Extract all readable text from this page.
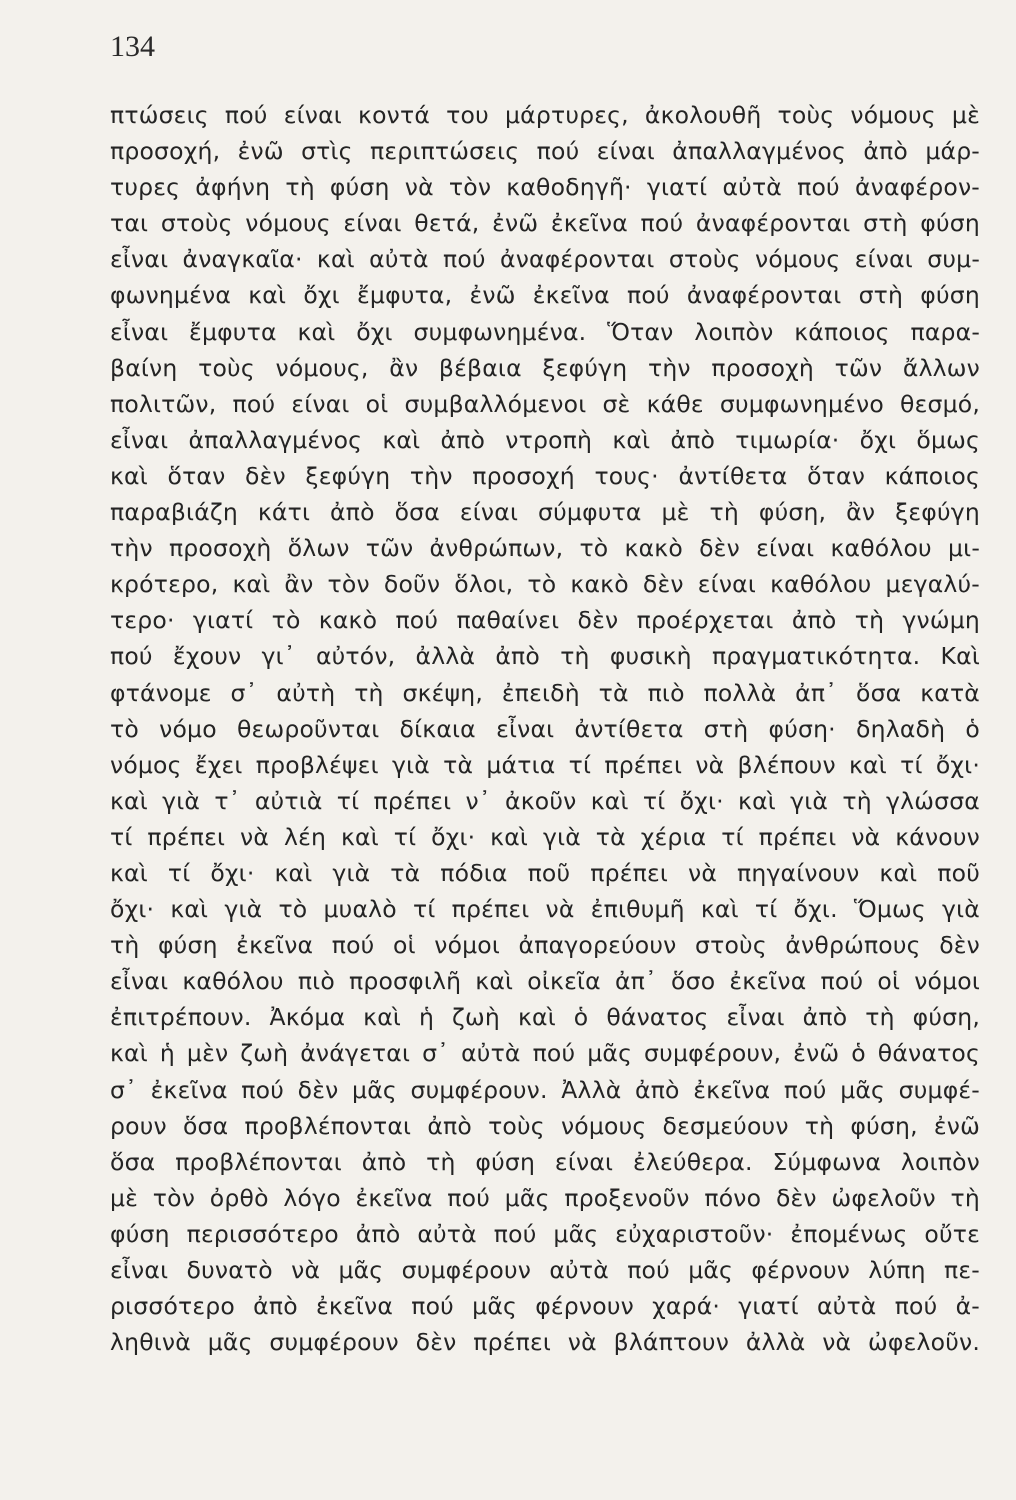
134
πτώσεις πού είναι κοντά του μάρτυρες, ἀκολουθῆ τοὺς νόμους μὲ
προσοχή, ἐνῶ στὶς περιπτώσεις πού είναι ἀπαλλαγμένος ἀπὸ μάρ-
τυρες ἀφήνη τὴ φύση νὰ τὸν καθοδηγῆ· γιατί αὐτὰ πού ἀναφέρον-
ται στοὺς νόμους είναι θετά, ἐνῶ ἐκεῖνα πού ἀναφέρονται στὴ φύση
εἶναι ἀναγκαῖα· καὶ αὐτὰ πού ἀναφέρονται στοὺς νόμους είναι συμ-
φωνημένα καὶ ὄχι ἔμφυτα, ἐνῶ ἐκεῖνα πού ἀναφέρονται στὴ φύση
εἶναι ἔμφυτα καὶ ὄχι συμφωνημένα. Ὅταν λοιπὸν κάποιος παρα-
βαίνη τοὺς νόμους, ἂν βέβαια ξεφύγη τὴν προσοχὴ τῶν ἄλλων
πολιτῶν, πού είναι οἱ συμβαλλόμενοι σὲ κάθε συμφωνημένο θεσμό,
εἶναι ἀπαλλαγμένος καὶ ἀπὸ ντροπὴ καὶ ἀπὸ τιμωρία· ὄχι ὅμως
καὶ ὅταν δὲν ξεφύγη τὴν προσοχή τους· ἀντίθετα ὅταν κάποιος
παραβιάζη κάτι ἀπὸ ὅσα είναι σύμφυτα μὲ τὴ φύση, ἂν ξεφύγη
τὴν προσοχὴ ὅλων τῶν ἀνθρώπων, τὸ κακὸ δὲν είναι καθόλου μι-
κρότερο, καὶ ἂν τὸν δοῦν ὅλοι, τὸ κακὸ δὲν είναι καθόλου μεγαλύ-
τερο· γιατί τὸ κακὸ πού παθαίνει δὲν προέρχεται ἀπὸ τὴ γνώμη
πού ἔχουν γι᾽ αὐτόν, ἀλλὰ ἀπὸ τὴ φυσικὴ πραγματικότητα. Καὶ
φτάνομε σ᾽ αὐτὴ τὴ σκέψη, ἐπειδὴ τὰ πιὸ πολλὰ ἀπ᾽ ὅσα κατὰ
τὸ νόμο θεωροῦνται δίκαια εἶναι ἀντίθετα στὴ φύση· δηλαδὴ ὁ
νόμος ἔχει προβλέψει γιὰ τὰ μάτια τί πρέπει νὰ βλέπουν καὶ τί ὄχι·
καὶ γιὰ τ᾽ αὐτιὰ τί πρέπει ν᾽ ἀκοῦν καὶ τί ὄχι· καὶ γιὰ τὴ γλώσσα
τί πρέπει νὰ λέη καὶ τί ὄχι· καὶ γιὰ τὰ χέρια τί πρέπει νὰ κάνουν
καὶ τί ὄχι· καὶ γιὰ τὰ πόδια ποῦ πρέπει νὰ πηγαίνουν καὶ ποῦ
ὄχι· καὶ γιὰ τὸ μυαλὸ τί πρέπει νὰ ἐπιθυμῆ καὶ τί ὄχι. Ὅμως γιὰ
τὴ φύση ἐκεῖνα πού οἱ νόμοι ἀπαγορεύουν στοὺς ἀνθρώπους δὲν
εἶναι καθόλου πιὸ προσφιλῆ καὶ οἰκεῖα ἀπ᾽ ὅσο ἐκεῖνα πού οἱ νόμοι
ἐπιτρέπουν. Ἀκόμα καὶ ἡ ζωὴ καὶ ὁ θάνατος εἶναι ἀπὸ τὴ φύση,
καὶ ἡ μὲν ζωὴ ἀνάγεται σ᾽ αὐτὰ πού μᾶς συμφέρουν, ἐνῶ ὁ θάνατος
σ᾽ ἐκεῖνα πού δὲν μᾶς συμφέρουν. Ἀλλὰ ἀπὸ ἐκεῖνα πού μᾶς συμφέ-
ρουν ὅσα προβλέπονται ἀπὸ τοὺς νόμους δεσμεύουν τὴ φύση, ἐνῶ
ὅσα προβλέπονται ἀπὸ τὴ φύση είναι ἐλεύθερα. Σύμφωνα λοιπὸν
μὲ τὸν ὀρθὸ λόγο ἐκεῖνα πού μᾶς προξενοῦν πόνο δὲν ὠφελοῦν τὴ
φύση περισσότερο ἀπὸ αὐτὰ πού μᾶς εὐχαριστοῦν· ἐπομένως οὔτε
εἶναι δυνατὸ νὰ μᾶς συμφέρουν αὐτὰ πού μᾶς φέρνουν λύπη πε-
ρισσότερο ἀπὸ ἐκεῖνα πού μᾶς φέρνουν χαρά· γιατί αὐτὰ πού ἀ-
ληθινὰ μᾶς συμφέρουν δὲν πρέπει νὰ βλάπτουν ἀλλὰ νὰ ὠφελοῦν.
